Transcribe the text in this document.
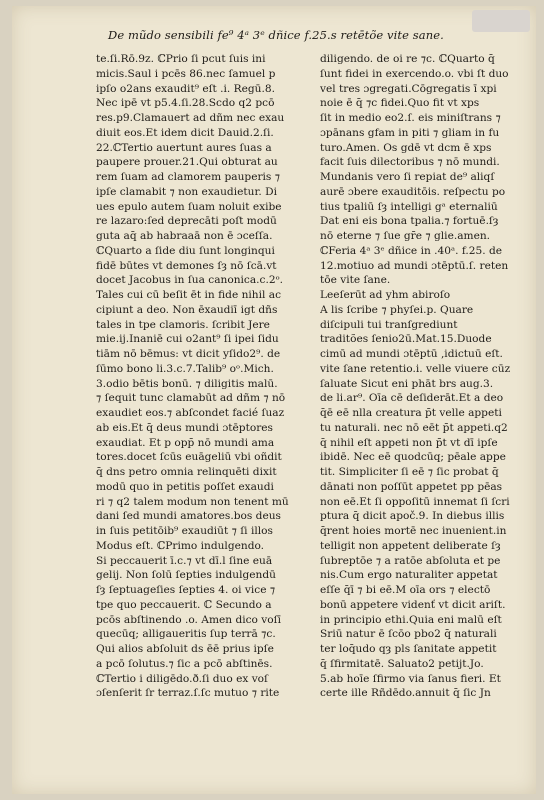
De mũdo sensibili fe⁹ 4ᵃ 3ᵉ dñice f.25.s retētõe vite sane.
te.ſi.Rō.9z. ℂPrio ſi pcut ſuis ini
micis.Saul i pcēs 86.nec ſamuel p
ipſo o2ans exaudit⁹ eſt .i. Regū.8.
Nec ipē vt p5.4.ſi.28.Scdo q2 pcō
res.p9.Clamauert ad dñm nec exau
diuit eos.Et idem dicit Dauid.2.ſi.
22.ℂTertio auertunt aures ſuas a
paupere prouer.21.Qui obturat au
rem ſuam ad clamorem pauperis ⁊
ipſe clamabit ⁊ non exaudietur. Di
ues epulo autem ſuam noluit exibe
re lazaro:ſed deprecāti poſt modū
guta aq̄ ab habraaā non ē ɔceſſa.
ℂQuarto a ſide diu ſunt longinqui
fidē būtes vt demones ſȝ nō ſcā.vt
docet Jacobus in ſua canonica.c.2ᵒ.
Tales cui cū beſit ēt in fide nihil ac
cipiunt a deo. Non ēxaudiī igt dñs
tales in tpe clamoris. ſcribit Jere
mie.ij.Inaniē cui o2ant⁹ ſi ipei ſidu
tiām nō bēmus: vt dicit yſido2⁹. de
ſūmo bono li.3.c.7.Talib⁹ oᵒ.Mich.
3.odio bētis bonū. ⁊ diligitis malū.
⁊ ſequit tunc clamabūt ad dñm ⁊ nō
exaudiet eos.⁊ abſcondet facié ſuaz
ab eis.Et q̄ deus mundi ɔtēptores
exaudiat. Et p opp̄ nō mundi ama
tores.docet ſcūs euāgeliū vbi oñdit
q̄ dns petro omnia relinquēti dixit
modū quo in petitis poſſet exaudi
ri ⁊ q2 talem modum non tenent mū
dani ſed mundi amatores.bos deus
in ſuis petitōib⁹ exaudiūt ⁊ ſi illos
Modus eſt. ℂPrimo indulgendo.
Si peccauerit ī.c.⁊ vt dī.l ſine euā
gelij. Non ſolū ſepties indulgendū
ſȝ ſeptuageſies ſepties 4. oi vice ⁊
tpe quo peccauerit. ℂ Secundo a
pcōs abſtinendo .o. Amen dico voſī
quecūq; alligaueritis ſup terrā ⁊c.
Qui alios abſoluit ds ēē prius ipſe
a pcō ſolutus.⁊ ſic a pcō abſtinēs.
ℂTertio i diligēdo.ð.ſi duo ex voſ
ɔſenſerit ſr terraz.ſ.ſc mutuo ⁊ rite
diligendo. de oi re ⁊c. ℂQuarto q̄
ſunt fidei in exercendo.o. vbi ſt duo
vel tres ɔgregati.Cōgregatis ī xpi
noie ē q̄ ⁊c fidei.Quo fit vt xps
ſit in medio eo2.ſ. eis miniſtrans ⁊
ɔpānans gfam in piti ⁊ gliam in fu
turo.Amen. Os gdē vt dcm ē xps
facit ſuis dilectoribus ⁊ nō mundi.
Mundanis vero ſi repiat de⁹ aliqſ
aurē ɔbere exauditōis. reſpectu po
tius tpaliū ſȝ intelligi gᵃ eternaliū
Dat eni eis bona tpalia.⁊ fortuē.ſȝ
nō eterne ⁊ ſue gr̄e ⁊ glie.amen.
ℂFeria 4ᵃ 3ᵉ dñice in .40ᵃ. f.25. de
12.motiuo ad mundi ɔtēptū.ſ. reten
tōe vite ſane.
Leeſerūt ad yhm abiroſo
A lis ſcribe ⁊ phyſei.p. Quare
diſcipuli tui tranſgrediunt
traditões ſenio2ū.Mat.15.Duode
cimū ad mundi ɔtēptū ,idictuū eſt.
vite ſane retentio.i. velle viuere cūz
ſaluate Sicut eni phāt brs aug.3.
de li.ar⁹. Oīa cē deſiderāt.Et a deo
q̄ē eē nlla creatura p̄t velle appeti
tu naturali. nec nō eēt p̄t appeti.q2
q̄ nihil eſt appeti non p̄t vt dī ipſe
ibidē. Nec eē quodcūq; pēale appe
tit. Simpliciter ſi eē ⁊ ſic probat q̄
dānati non poſſūt appetet pp pēas
non eē.Et ſi oppoſitū innemat ſi ſcri
ptura q̄ dicit apoč.9. In diebus illis
q̄rent hoies mortē nec inuenient.in
telligit non appetent deliberate ſȝ
ſubreptōe ⁊ a ratōe abſoluta et pe
nis.Cum ergo naturaliter appetat
eſſe q̄ī ⁊ bi eē.M oīa ors ⁊ electō
bonū appetere videnť vt dicit ariſt.
in principio ethi.Quia eni malū eſt
Sriū natur ē ſcōo pbo2 q̄ naturali
ter loq̄udo qȝ pls ſanitate appetit
q̄ ſfirmitatē. Saluato2 petijt.Jo.
5.ab hoīe ſfirmo via ſanus fieri. Et
certe ille Rñdēdo.annuit q̄ ſic Jn
